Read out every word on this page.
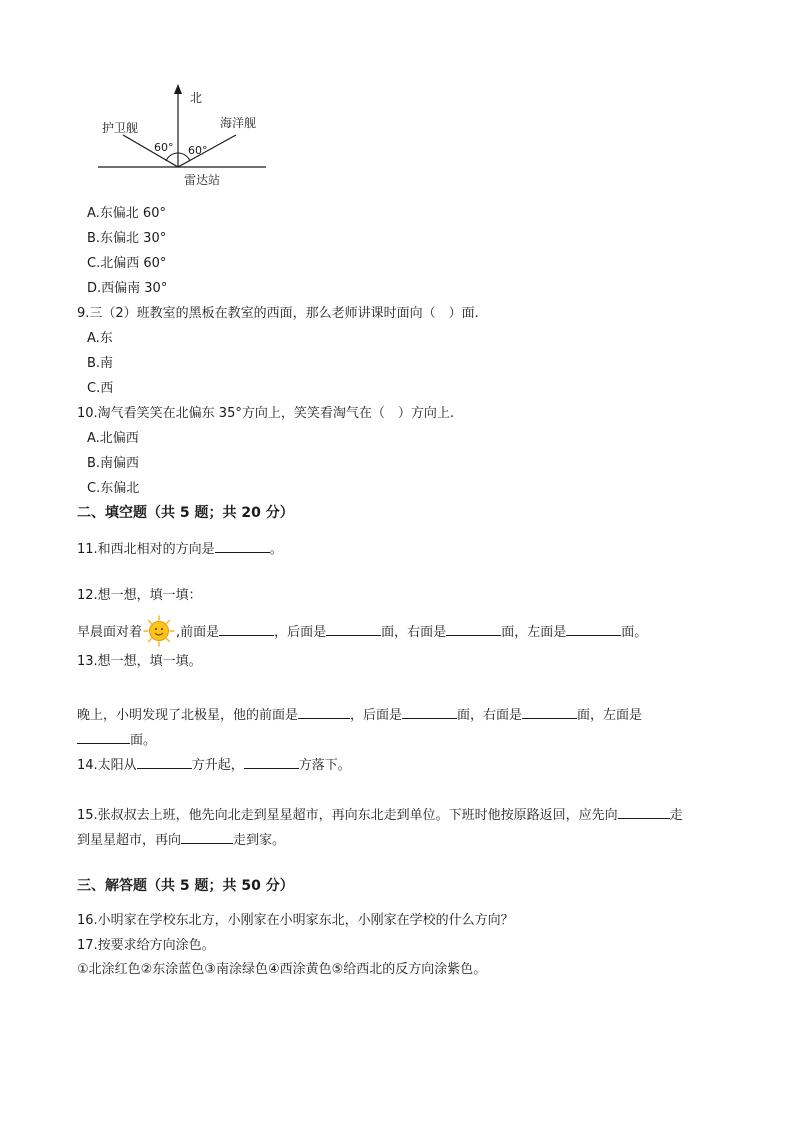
北
护卫舰	海洋舰
60° 60°
雷达站
A.东偏北 60°
B.东偏北 30°
C.北偏西 60°
D.西偏南 30°
9.三（2）班教室的黑板在教室的西面，那么老师讲课时面向（　）面.
A.东
B.南
C.西
10.淘气看笑笑在北偏东 35°方向上，笑笑看淘气在（　）方向上.
A.北偏西
B.南偏西
C.东偏北
二、填空题（共 5 题；共 20 分）
11.和西北相对的方向是	。
12.想一想，填一填：
早晨面对着	,前面是	，后面是	面，右面是	面，左面是	面。
13.想一想，填一填。
晚上，小明发现了北极星，他的前面是	，后面是	面，右面是	面，左面是
面。
14.太阳从	方升起，	方落下。
15.张叔叔去上班，他先向北走到星星超市，再向东北走到单位。下班时他按原路返回，应先向	走
到星星超市，再向	走到家。
三、解答题（共 5 题；共 50 分）
16.小明家在学校东北方，小刚家在小明家东北，小刚家在学校的什么方向？
17.按要求给方向涂色。
①北涂红色②东涂蓝色③南涂绿色④西涂黄色⑤给西北的反方向涂紫色。
